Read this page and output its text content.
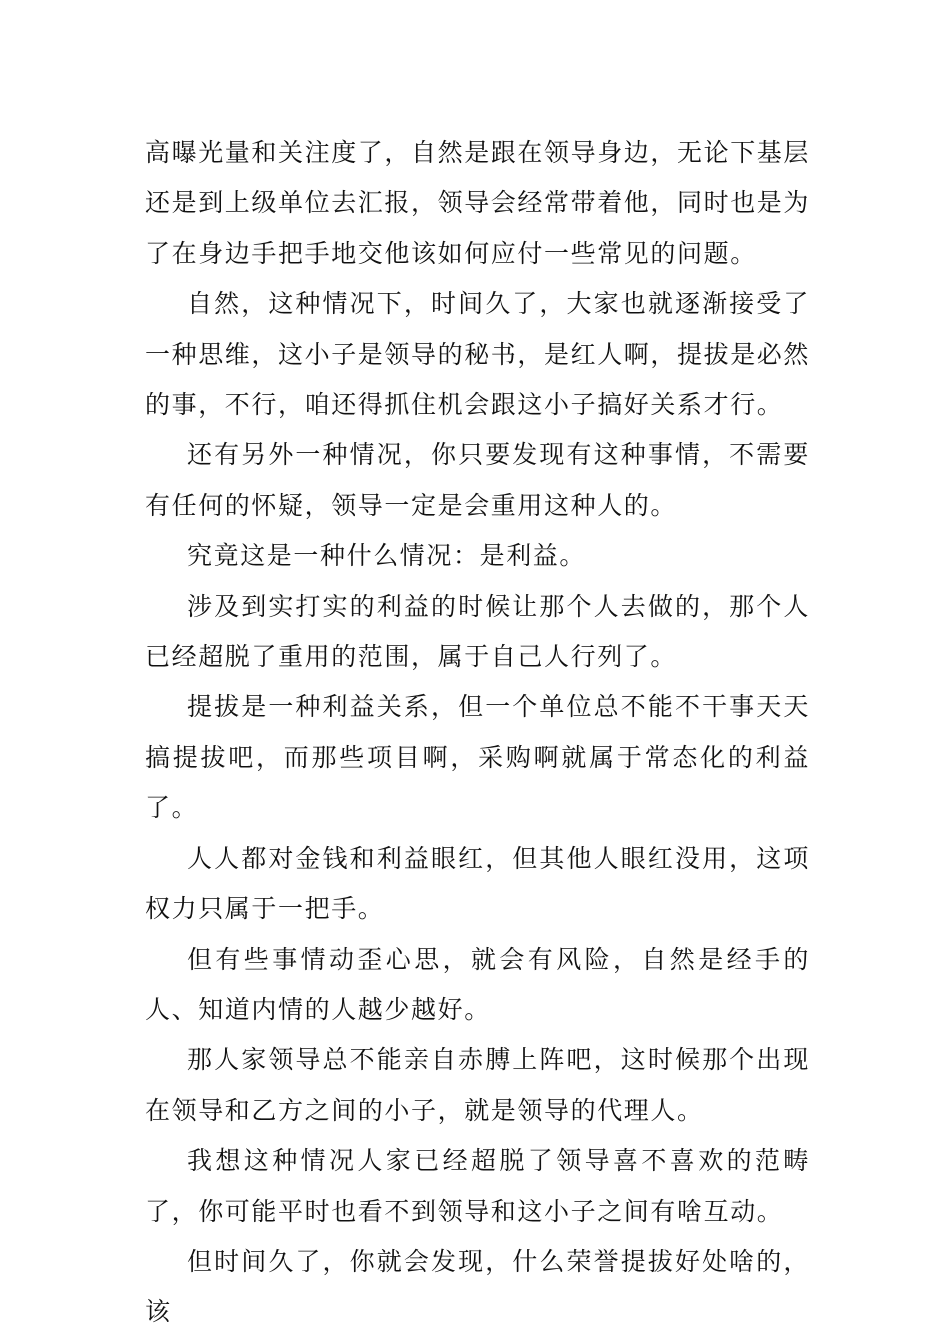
高曝光量和关注度了，自然是跟在领导身边，无论下基层还是到上级单位去汇报，领导会经常带着他，同时也是为了在身边手把手地交他该如何应付一些常见的问题。

自然，这种情况下，时间久了，大家也就逐渐接受了一种思维，这小子是领导的秘书，是红人啊，提拔是必然的事，不行，咱还得抓住机会跟这小子搞好关系才行。

还有另外一种情况，你只要发现有这种事情，不需要有任何的怀疑，领导一定是会重用这种人的。

究竟这是一种什么情况：是利益。

涉及到实打实的利益的时候让那个人去做的，那个人已经超脱了重用的范围，属于自己人行列了。

提拔是一种利益关系，但一个单位总不能不干事天天搞提拔吧，而那些项目啊，采购啊就属于常态化的利益了。

人人都对金钱和利益眼红，但其他人眼红没用，这项权力只属于一把手。

但有些事情动歪心思，就会有风险，自然是经手的人、知道内情的人越少越好。

那人家领导总不能亲自赤膊上阵吧，这时候那个出现在领导和乙方之间的小子，就是领导的代理人。

我想这种情况人家已经超脱了领导喜不喜欢的范畴了，你可能平时也看不到领导和这小子之间有啥互动。

但时间久了，你就会发现，什么荣誉提拔好处啥的，该
